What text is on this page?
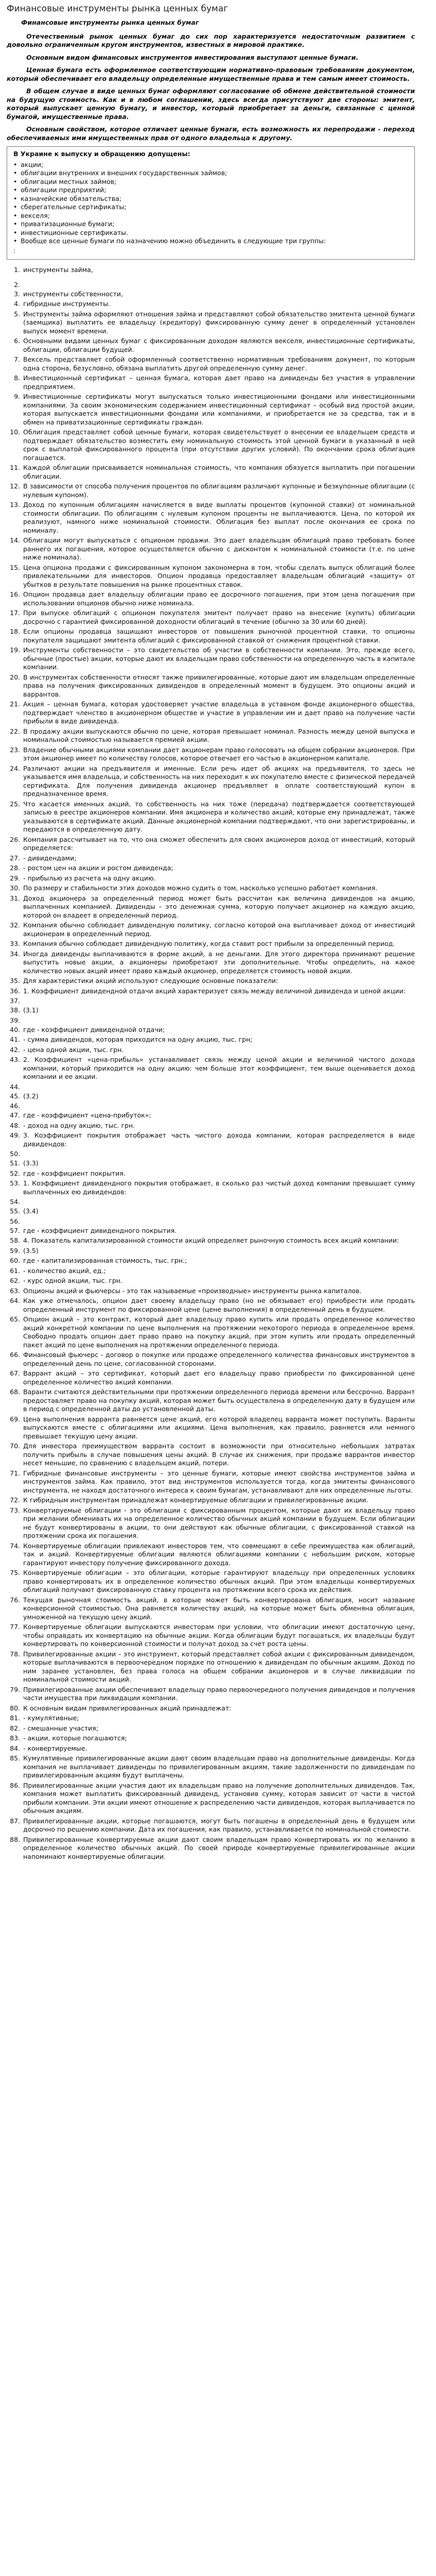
Финансовые инструменты рынка ценных бумаг
Финансовые инструменты рынка ценных бумаг

Отечественный рынок ценных бумаг до сих пор характеризуется недостаточным развитием с довольно ограниченным кругом инструментов, известных в мировой практике.

Основным видом финансовых инструментов инвестирования выступают ценные бумаги.

Ценная бумага есть оформленное соответствующим нормативно-правовым требованиям документом, который обеспечивает его владельцу определенные имущественные права и тем самым имеет стоимость.

В общем случае в виде ценных бумаг оформляют согласование об обмене действительной стоимости на будущую стоимость. Как и в любом соглашении, здесь всегда присутствуют две стороны: эмитент, который выпускает ценную бумагу, и инвестор, который приобретает за деньги, связанные с ценной бумагой, имущественные права.

Основным свойством, которое отличает ценные бумаги, есть возможность их перепродажи - переход обеспечиваемых ими имущественных прав от одного владельца к другому.

В Украине к выпуску и обращению допущены:
• акции;
• облигации внутренних и внешних государственных займов;
• облигации местных займов;
• облигации предприятий;
• казначейские обязательства;
• сберегательные сертификаты;
• векселя;
• приватизационные бумаги;
• инвестиционные сертификаты.
• Вообще все ценные бумаги по назначению можно объединить в следующие три группы:
:
1. инструменты займа,
2.
3. инструменты собственности,
4. гибридные инструменты.
5. Инструменты займа оформляют отношения займа и представляют собой обязательство эмитента ценной бумаги (заемщика) выплатить ее владельцу (кредитору) фиксированную сумму денег в определенный установлен выпуск момент времени.
6. Основными видами ценных бумаг с фиксированным доходом являются векселя, инвестиционные сертификаты, облигации, облигации будущей.
7. Вексель представляет собой оформленный соответственно нормативным требованиям документ, по которым одна сторона, безусловно, обязана выплатить другой определенную сумму денег.
8. Инвестиционный сертификат – ценная бумага, которая дает право на дивиденды без участия в управлении предприятием.
9. Инвестиционные сертификаты могут выпускаться только инвестиционными фондами или инвестиционными компаниями. За своим экономическим содержанием инвестиционный сертификат – особый вид простой акции, которая выпускается инвестиционными фондами или компаниями, и приобретается не за средства, так и в обмен на приватизационные сертификаты граждан.
10. Облигация представляет собой ценные бумаги, которая свидетельствует о внесении ее владельцем средств и подтверждает обязательство возместить ему номинальную стоимость этой ценной бумаги в указанный в ней срок с выплатой фиксированного процента (при отсутствии других условий). По окончании срока облигация погашается.
11. Каждой облигации присваивается номинальная стоимость, что компания обязуется выплатить при погашении облигации.
12. В зависимости от способа получения процентов по облигациям различают купонные и безкупонные облигации (с нулевым купоном).
13. Доход по купонным облигациям начисляется в виде выплаты процентов (купонной ставки) от номинальной стоимости облигации. По облигациям с нулевым купоном проценты не выплачиваются. Цена, по которой их реализуют, намного ниже номинальной стоимости. Облигация без выплат после окончания ее срока по номиналу.
14. Облигации могут выпускаться с опционом продажи. Это дает владельцам облигаций право требовать более раннего их погашения, которое осуществляется обычно с дисконтом к номинальной стоимости (т.е. по цене ниже номинала).
15. Цена опциона продажи с фиксированным купоном закономерна в том, чтобы сделать выпуск облигаций более привлекательными для инвесторов. Опцион продавца предоставляет владельцам облигаций «защиту» от убытков в результате повышения на рынке процентных ставок.
16. Опцион продавца дает владельцу облигации право ее досрочного погашения, при этом цена погашения при использовании опционов обычно ниже номинала.
17. При выпуске облигаций с опционом покупателя эмитент получает право на внесение (купить) облигации досрочно с гарантией фиксированной доходности облигаций в течение (обычно за 30 или 60 дней).
18. Если опционы продавца защищают инвесторов от повышения рыночной процентной ставки, то опционы покупателя защищают эмитента облигаций с фиксированной ставкой от снижения процентной ставки.
19. Инструменты собственности – это свидетельство об участии в собственности компании. Это, прежде всего, обычные (простые) акции, которые дают их владельцам право собственности на определенную часть в капитале компании.
20. В инструментах собственности относят также привилегированные, которые дают им владельцам определенные права на получения фиксированных дивидендов в определенный момент в будущем. Это опционы акций и варрантов.
21. Акция – ценная бумага, которая удостоверяет участие владельца в уставном фонде акционерного общества, подтверждает членство в акционерном обществе и участие в управлении им и дает право на получение части прибыли в виде дивиденда.
22. В продажу акции выпускаются обычно по цене, которая превышает номинал. Разность между ценой выпуска и номинальной стоимостью называется премией акции.
23. Владение обычными акциями компании дает акционерам право голосовать на общем собрании акционеров. При этом акционер имеет по количеству голосов, которое отвечает его частью в акционерном капитале.
24. Различают акции на предъявителя и именные. Если речь идет об акциях на предъявителя, то здесь не указывается имя владельца, и собственность на них переходит к их покупателю вместе с физической передачей сертификата. Для получения дивиденда акционер предъявляет в оплате соответствующий купон в предназначенное время.
25. Что касается именных акций, то собственность на них тоже (передача) подтверждается соответствующей записью в реестре акционеров компании. Имя акционера и количество акций, которые ему принадлежат, также указываются в сертификате акций. Данные акционерной компании подтверждают, что они зарегистрированы, и передаются в определенную дату.
26. Компания рассчитывает на то, что она сможет обеспечить для своих акционеров доход от инвестиций, который определяется:
27. - дивидендами;
28. - ростом цен на акции и ростом дивиденда;
29. - прибылью из расчета на одну акцию.
30. По размеру и стабильности этих доходов можно судить о том, насколько успешно работает компания.
31. Доход акционера за определенный период может быть рассчитан как величина дивидендов на акцию, выплаченных компанией. Дивиденды – это денежная сумма, которую получает акционер на каждую акцию, которой он владеет в определенный период.
32. Компания обычно соблюдает дивидендную политику, согласно которой она выплачивает доход от инвестиций акционерам в определенный период.
33. Компания обычно соблюдает дивидендную политику, когда ставит рост прибыли за определенный период.
34. Иногда дивиденды выплачиваются в форме акций, а не деньгами. Для этого директора принимают решение выпустить новые акции, а акционеры приобретают эти дополнительные. Чтобы определить, на какое количество новых акций имеет право каждый акционер, определяется стоимость новой акции.
35. Для характеристики акций используют следующие основные показатели:
36. 1. Коэффициент дивидендной отдачи акций характеризует связь между величиной дивиденда и ценой акции:
37.
38. (3.1)
39.
40. где - коэффициент дивидендной отдачи;
41. - сумма дивидендов, которая приходится на одну акцию, тыс. грн;
42. - цена одной акции, тыс. грн.
43. 2. Коэффициент «цена-прибыль» устанавливает связь между ценой акции и величиной чистого дохода компании, который приходится на одну акцию: чем больше этот коэффициент, тем выше оценивается доход компании и ее акции.
44.
45. (3.2)
46.
47. где - коэффициент «цена-прибуток»;
48. - доход на одну акцию, тыс. грн.
49. 3. Коэффициент покрытия отображает часть чистого дохода компании, которая распределяется в виде дивидендов:
50.
51. (3.3)
52. где - коэффициент покрытия.
53. 1. Коэффициент дивидендного покрытия отображает, в сколько раз чистый доход компании превышает сумму выплаченных ею дивидендов:
54.
55. (3.4)
56.
57. где - коэффициент дивидендного покрытия.
58. 4. Показатель капитализированной стоимости акций определяет рыночную стоимость всех акций компании:
59. (3.5)
60. где - капитализированная стоимость, тыс. грн.;
61. - количество акций, ед.;
62. - курс одной акции, тыс. грн.
63. Опционы акций и фьючерсы - это так называемые «производные» инструменты рынка капиталов.
64. Как уже отмечалось, опцион дает своему владельцу право (но не обязывает его) приобрести или продать определенный инструмент по фиксированной цене (цене выполнения) в определенный день в будущем.
65. Опцион акций – это контракт, который дает владельцу право купить или продать определенное количество акций конкретной компании по цене выполнения на протяжении некоторого периода в определенное время. Свободно продать опцион дает право право на покупку акций, при этом купить или продать определенный пакет акций по цене выполнения на протяжении определенного периода.
66. Финансовый фьючерс - договор о покупке или продаже определенного количества финансовых инструментов в определенный день по цене, согласованной сторонами.
67. Варрант акций – это сертификат, который дает его владельцу право приобрести по фиксированной цене определенное количество акций компании.
68. Варанти считаются действительными при протяжении определенного периода времени или бессрочно. Варрант предоставляет право на покупку акций, которая может быть осуществлена в определенную дату в будущем или в период с определенной даты до установленной даты.
69. Цена выполнения варранта равняется цене акций, его которой владелец варранта может поступить. Варанты выпускаются вместе с облигациями или акциями. Цена выполнения, как правило, равняется или немного превышает текущую цену акции.
70. Для инвестора преимуществом варранта состоит в возможности при относительно небольших затратах получить прибыль в случае повышения цены акций. В случае их снижения, при продаже варрантов инвестор несет меньшие, по сравнению с владельцем акций, потери.
71. Гибридные финансовые инструменты – это ценные бумаги, которые имеют свойства инструментов займа и инструментов займа. Как правило, этот вид инструментов используется тогда, когда эмитенты финансового инструмента, не находя достаточного интереса к своим бумагам, устанавливают для них определенные льготы.
72. К гибридным инструментам принадлежат конвертируемые облигации и привилегированные акции.
73. Конвертируемые облигации - это облигации с фиксированным процентом, которые дают их владельцу право при желании обменивать их на определенное количество обычных акций компании в будущем. Если облигации не будут конвертированы в акции, то они действуют как обычные облигации, с фиксированной ставкой на протяжении срока их погашения.
74. Конвертируемые облигации привлекают инвесторов тем, что совмещают в себе преимущества как облигаций, так и акций. Конвертируемые облигации являются облигациями компании с небольшим риском, которые гарантируют инвестору получение фиксированного дохода.
75. Конвертируемые облигации – это облигации, которые гарантируют владельцу при определенных условиях право конвертировать их в определенное количество обычных акций. При этом владельцы конвертируемых облигаций получают фиксированную ставку процента на протяжении всего срока их действия.
76. Текущая рыночная стоимость акций, в которые может быть конвертирована облигация, носит название конверсионной стоимостью. Она равняется количеству акций, на которые может быть обменяна облигация, умноженной на текущую цену акций.
77. Конвертируемые облигации выпускаются инвесторам при условии, что облигации имеют достаточную цену, чтобы оправдать их конвертацию на обычные акции. Когда облигации будут погашаться, их владельцы будут конвертировать по конверсионной стоимости и получат доход за счет роста цены.
78. Привилегированные акции – это инструмент, который представляет собой акции с фиксированным дивидендом, которые выплачиваются в первоочередном порядке по отношению к дивидендам по обычным акциям. Доход по ним заранее установлен, без права голоса на общем собрании акционеров и в случае ликвидации по номинальной стоимости акций.
79. Привилегированные акции обеспечивают владельцу право первоочередного получения дивидендов и получения части имущества при ликвидации компании.
80. К основным видам привилегированных акций принадлежат:
81. - кумулятивные;
82. - смешанные участия;
83. - акции, которые погашаются;
84. - конвертируемые.
85. Кумулятивные привилегированные акции дают своим владельцам право на дополнительные дивиденды. Когда компания не выплачивает дивиденды по привилегированным акциям, такие задолженности по дивидендам по привилегированным акциям будут выплачены.
86. Привилегированные акции участия дают их владельцам право на получение дополнительных дивидендов. Так, компания может выплатить фиксированный дивиденд, установив сумму, которая зависит от части в чистой прибыли компании. Эти акции имеют отношение к распределению части дивидендов, которая выплачивается по обычным акциям.
87. Привилегированные акции, которые погашаются, могут быть погашены в определенный день в будущем или досрочно по решению компании. Дата их погашения, как правило, устанавливается по номинальной стоимости.
88. Привилегированные конвертируемые акции дают своим владельцам право конвертировать их по желанию в определенное количество обычных акций. По своей природе конвертируемые привилегированные акции напоминают конвертируемые облигации.
